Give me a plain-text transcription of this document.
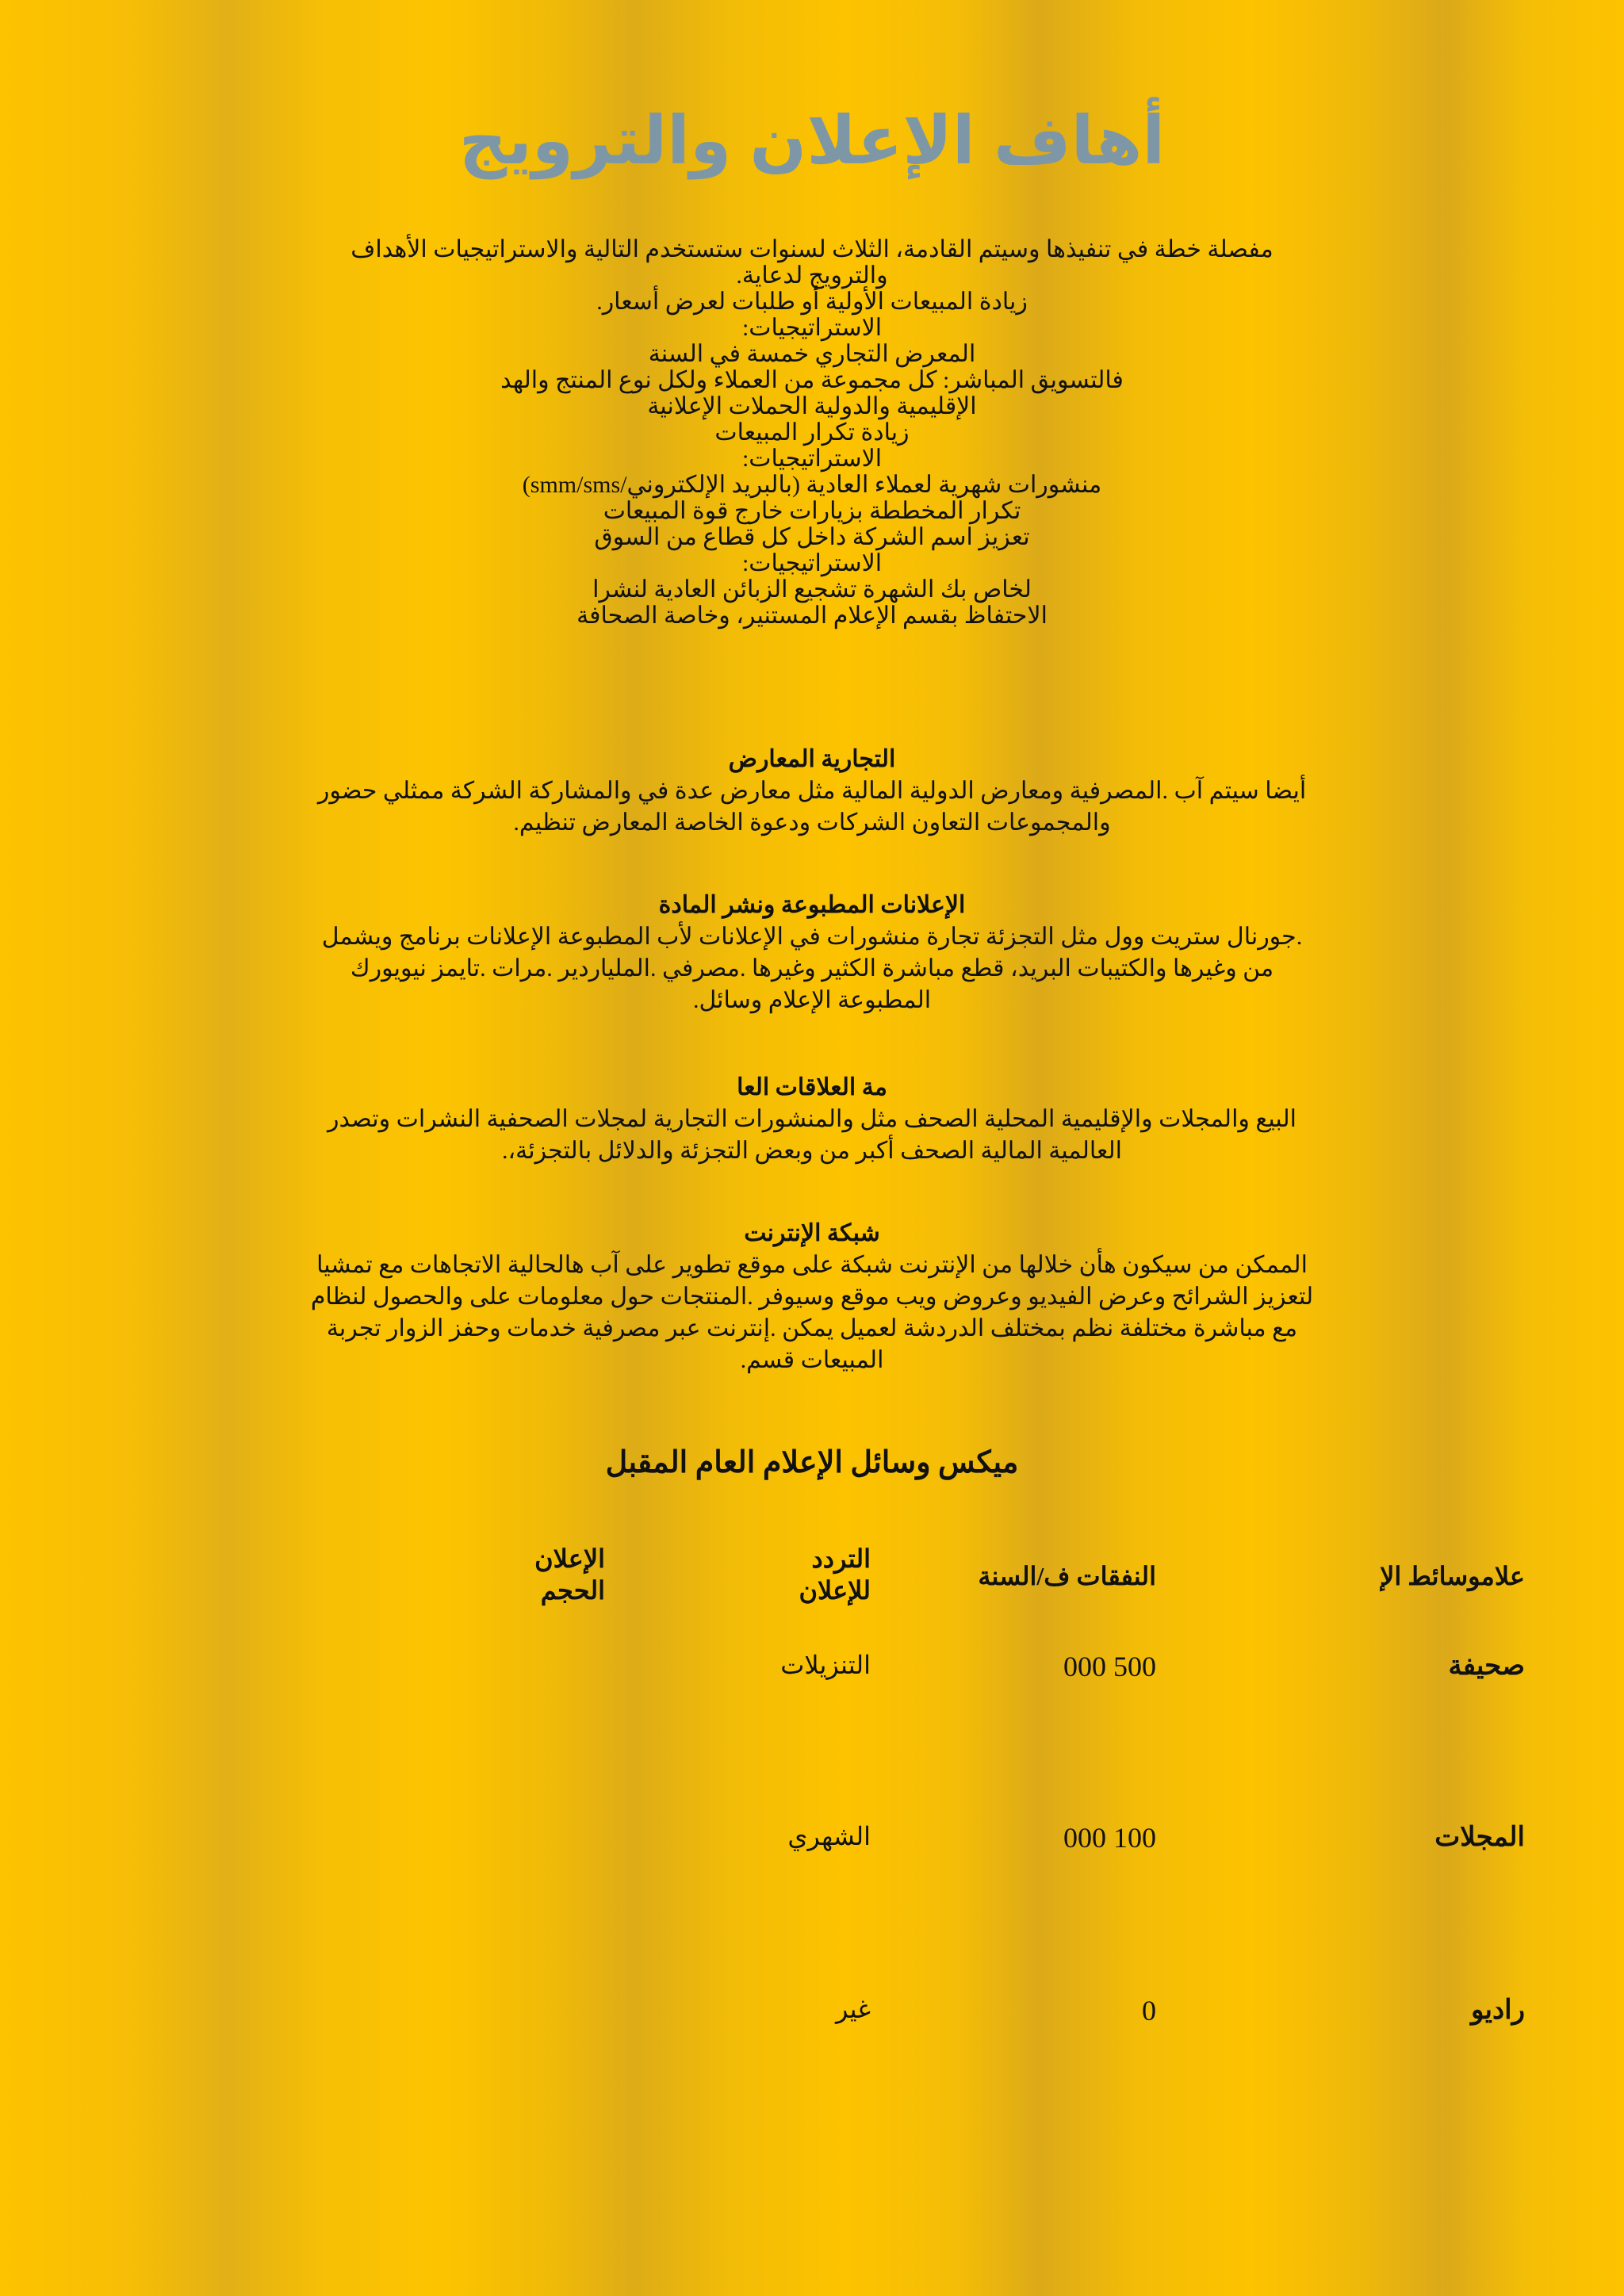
أهاف الإعلان والترويج
مفصلة خطة في تنفيذها وسيتم القادمة، الثلاث لسنوات ستستخدم التالية والاستراتيجيات الأهداف
والترويج لدعاية.
زيادة المبيعات الأولية أو طلبات لعرض أسعار.
الاستراتيجيات:
المعرض التجاري خمسة في السنة
فالتسويق المباشر: كل مجموعة من العملاء ولكل نوع المنتج والهد
الإقليمية والدولية الحملات الإعلانية
زيادة تكرار المبيعات
الاستراتيجيات:
منشورات شهرية لعملاء العادية (بالبريد الإلكتروني/smm/sms)
تكرار المخططة بزيارات خارج قوة المبيعات
تعزيز اسم الشركة داخل كل قطاع من السوق
الاستراتيجيات:
لخاص بك الشهرة تشجيع الزبائن العادية لنشرا
الاحتفاظ بقسم الإعلام المستنير، وخاصة الصحافة
التجارية المعارض

أيضا سيتم آب .المصرفية ومعارض الدولية المالية مثل معارض عدة في والمشاركة الشركة ممثلي حضور

والمجموعات التعاون الشركات ودعوة الخاصة المعارض تنظيم.

الإعلانات المطبوعة ونشر المادة

.جورنال ستريت وول مثل التجزئة تجارة منشورات في الإعلانات لأب المطبوعة الإعلانات برنامج ويشمل

من وغيرها والكتيبات البريد، قطع مباشرة الكثير وغيرها .مصرفي .الملياردير .مرات .تايمز نيويورك

المطبوعة الإعلام وسائل.

مة العلاقات العا

البيع والمجلات والإقليمية المحلية الصحف مثل والمنشورات التجارية لمجلات الصحفية النشرات وتصدر

العالمية المالية الصحف أكبر من وبعض التجزئة والدلائل بالتجزئة،.

شبكة الإنترنت

الممكن من سيكون هأن خلالها من الإنترنت شبكة على موقع تطوير على آب هالحالية الاتجاهات مع تمشيا

لتعزيز الشرائح وعرض الفيديو وعروض ويب موقع وسيوفر .المنتجات حول معلومات على والحصول لنظام

مع مباشرة مختلفة نظم بمختلف الدردشة لعميل يمكن .إنترنت عبر مصرفية خدمات وحفز الزوار تجربة

المبيعات قسم.

ميكس وسائل الإعلام العام المقبل
علاموسائط الإ
النفقات ف/السنة
التردد
للإعلان
الإعلان
الحجم
صحيفة
500 000
التنزيلات
المجلات
100 000
الشهري
راديو
0
غير
